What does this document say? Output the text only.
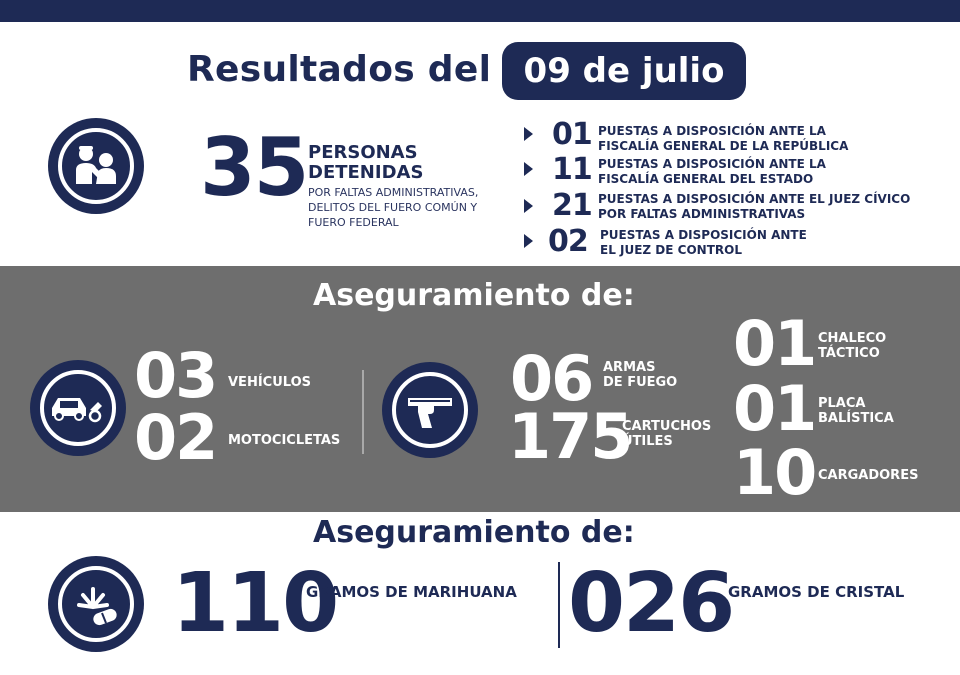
Resultados del 09 de julio
35 PERSONAS
DETENIDAS
POR FALTAS ADMINISTRATIVAS,
DELITOS DEL FUERO COMÚN Y
FUERO FEDERAL
01 PUESTAS A DISPOSICIÓN ANTE LA
FISCALÍA GENERAL DE LA REPÚBLICA
11 PUESTAS A DISPOSICIÓN ANTE LA
FISCALÍA GENERAL DEL ESTADO
21 PUESTAS A DISPOSICIÓN ANTE EL JUEZ CÍVICO
POR FALTAS ADMINISTRATIVAS
02 PUESTAS A DISPOSICIÓN ANTE
EL JUEZ DE CONTROL
Aseguramiento de:
03 VEHÍCULOS
02 MOTOCICLETAS
06 ARMAS
DE FUEGO
175
CARTUCHOS
ÚTILES
01 CHALECO
TÁCTICO
01 PLACA
BALÍSTICA
10 CARGADORES
Aseguramiento de:
110
GRAMOS DE MARIHUANA 026
GRAMOS DE CRISTAL
